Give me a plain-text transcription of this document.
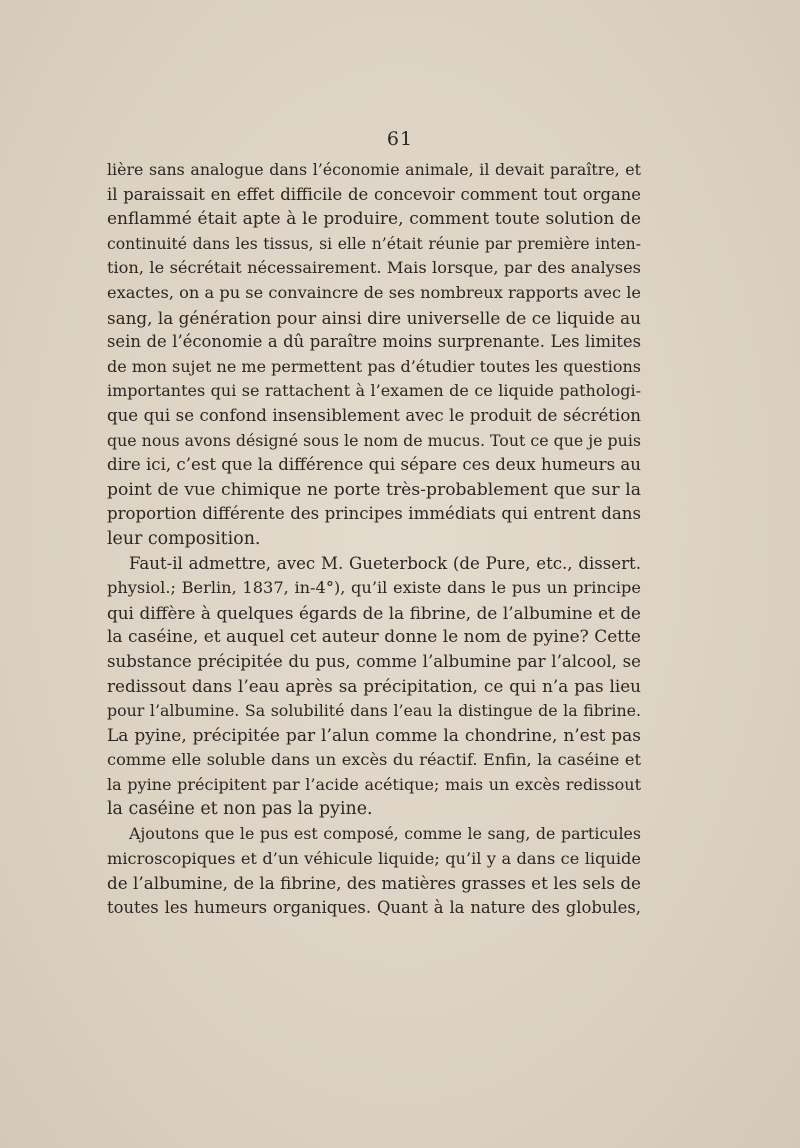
61
lière sans analogue dans l’économie animale, il devait paraître, et
il paraissait en effet difficile de concevoir comment tout organe
enflammé était apte à le produire, comment toute solution de
continuité dans les tissus, si elle n’était réunie par première inten-
tion, le sécrétait nécessairement. Mais lorsque, par des analyses
exactes, on a pu se convaincre de ses nombreux rapports avec le
sang, la génération pour ainsi dire universelle de ce liquide au
sein de l’économie a dû paraître moins surprenante. Les limites
de mon sujet ne me permettent pas d’étudier toutes les questions
importantes qui se rattachent à l’examen de ce liquide pathologi-
que qui se confond insensiblement avec le produit de sécrétion
que nous avons désigné sous le nom de mucus. Tout ce que je puis
dire ici, c’est que la différence qui sépare ces deux humeurs au
point de vue chimique ne porte très-probablement que sur la
proportion différente des principes immédiats qui entrent dans
leur composition.
Faut-il admettre, avec M. Gueterbock (de Pure, etc., dissert.
physiol.; Berlin, 1837, in-4°), qu’il existe dans le pus un principe
qui diffère à quelques égards de la fibrine, de l’albumine et de
la caséine, et auquel cet auteur donne le nom de pyine? Cette
substance précipitée du pus, comme l’albumine par l’alcool, se
redissout dans l’eau après sa précipitation, ce qui n’a pas lieu
pour l’albumine. Sa solubilité dans l’eau la distingue de la fibrine.
La pyine, précipitée par l’alun comme la chondrine, n’est pas
comme elle soluble dans un excès du réactif. Enfin, la caséine et
la pyine précipitent par l’acide acétique; mais un excès redissout
la caséine et non pas la pyine.
Ajoutons que le pus est composé, comme le sang, de particules
microscopiques et d’un véhicule liquide; qu’il y a dans ce liquide
de l’albumine, de la fibrine, des matières grasses et les sels de
toutes les humeurs organiques. Quant à la nature des globules,
